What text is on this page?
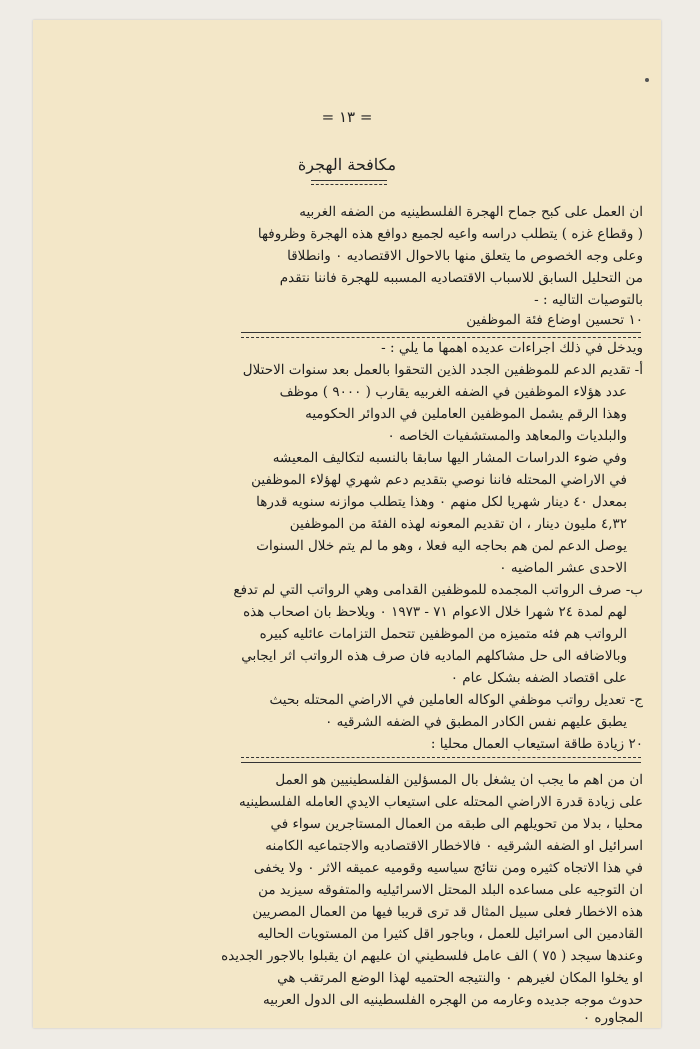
= ١٣ =
مكافحة الهجرة
ان العمل على كبح جماح الهجرة الفلسطينيه من الضفه الغربيه
( وقطاع غزه ) يتطلب دراسه واعيه لجميع دوافع هذه الهجرة وظروفها
وعلى وجه الخصوص ما يتعلق منها بالاحوال الاقتصاديه ٠ وانطلاقا
من التحليل السابق للاسباب الاقتصاديه المسببه للهجرة فاننا نتقدم
بالتوصيات التاليه : -
١٠ تحسين اوضاع فئة الموظفين
ويدخل في ذلك اجراءات عديده اهمها ما يلي : -
أ- تقديم الدعم للموظفين الجدد الذين التحقوا بالعمل بعد سنوات الاحتلال
عدد هؤلاء الموظفين في الضفه الغربيه يقارب ( ٩٠٠٠ ) موظف
وهذا الرقم يشمل الموظفين العاملين في الدوائر الحكوميه
والبلديات والمعاهد والمستشفيات الخاصه ٠
وفي ضوء الدراسات المشار اليها سابقا بالنسبه لتكاليف المعيشه
في الاراضي المحتله فاننا نوصي بتقديم دعم شهري لهؤلاء الموظفين
بمعدل ٤٠ دينار شهريا لكل منهم ٠ وهذا يتطلب موازنه سنويه قدرها
٤,٣٢ مليون دينار ، ان تقديم المعونه لهذه الفئة من الموظفين
يوصل الدعم لمن هم بحاجه اليه فعلا ، وهو ما لم يتم خلال السنوات
الاحدى عشر الماضيه ٠
ب- صرف الرواتب المجمده للموظفين القدامى وهي الرواتب التي لم تدفع
لهم لمدة ٢٤ شهرا خلال الاعوام ٧١ - ١٩٧٣ ٠ ويلاحظ بان اصحاب هذه
الرواتب هم فئه متميزه من الموظفين تتحمل التزامات عائليه كبيره
وبالاضافه الى حل مشاكلهم الماديه فان صرف هذه الرواتب اثر ايجابي
على اقتصاد الضفه بشكل عام ٠
ج- تعديل رواتب موظفي الوكاله العاملين في الاراضي المحتله بحيث
يطبق عليهم نفس الكادر المطبق في الضفه الشرقيه ٠
٢٠ زيادة طاقة استيعاب العمال محليا :
ان من اهم ما يجب ان يشغل بال المسؤلين الفلسطينيين هو العمل
على زيادة قدرة الاراضي المحتله على استيعاب الايدي العامله الفلسطينيه
محليا ، بدلا من تحويلهم الى طبقه من العمال المستاجرين سواء في
اسرائيل او الضفه الشرقيه ٠ فالاخطار الاقتصاديه والاجتماعيه الكامنه
في هذا الاتجاه كثيره ومن نتائج سياسيه وقوميه عميقه الاثر ٠ ولا يخفى
ان التوجيه على مساعده البلد المحتل الاسرائيليه والمتفوقه سيزيد من
هذه الاخطار فعلى سبيل المثال قد ترى قريبا فيها من العمال المصريين
القادمين الى اسرائيل للعمل ، وباجور اقل كثيرا من المستويات الحاليه
وعندها سيجد ( ٧٥ ) الف عامل فلسطيني ان عليهم ان يقبلوا بالاجور الجديده
او يخلوا المكان لغيرهم ٠ والنتيجه الحتميه لهذا الوضع المرتقب هي
حدوث موجه جديده وعارمه من الهجره الفلسطينيه الى الدول العربيه
المجاوره ٠
